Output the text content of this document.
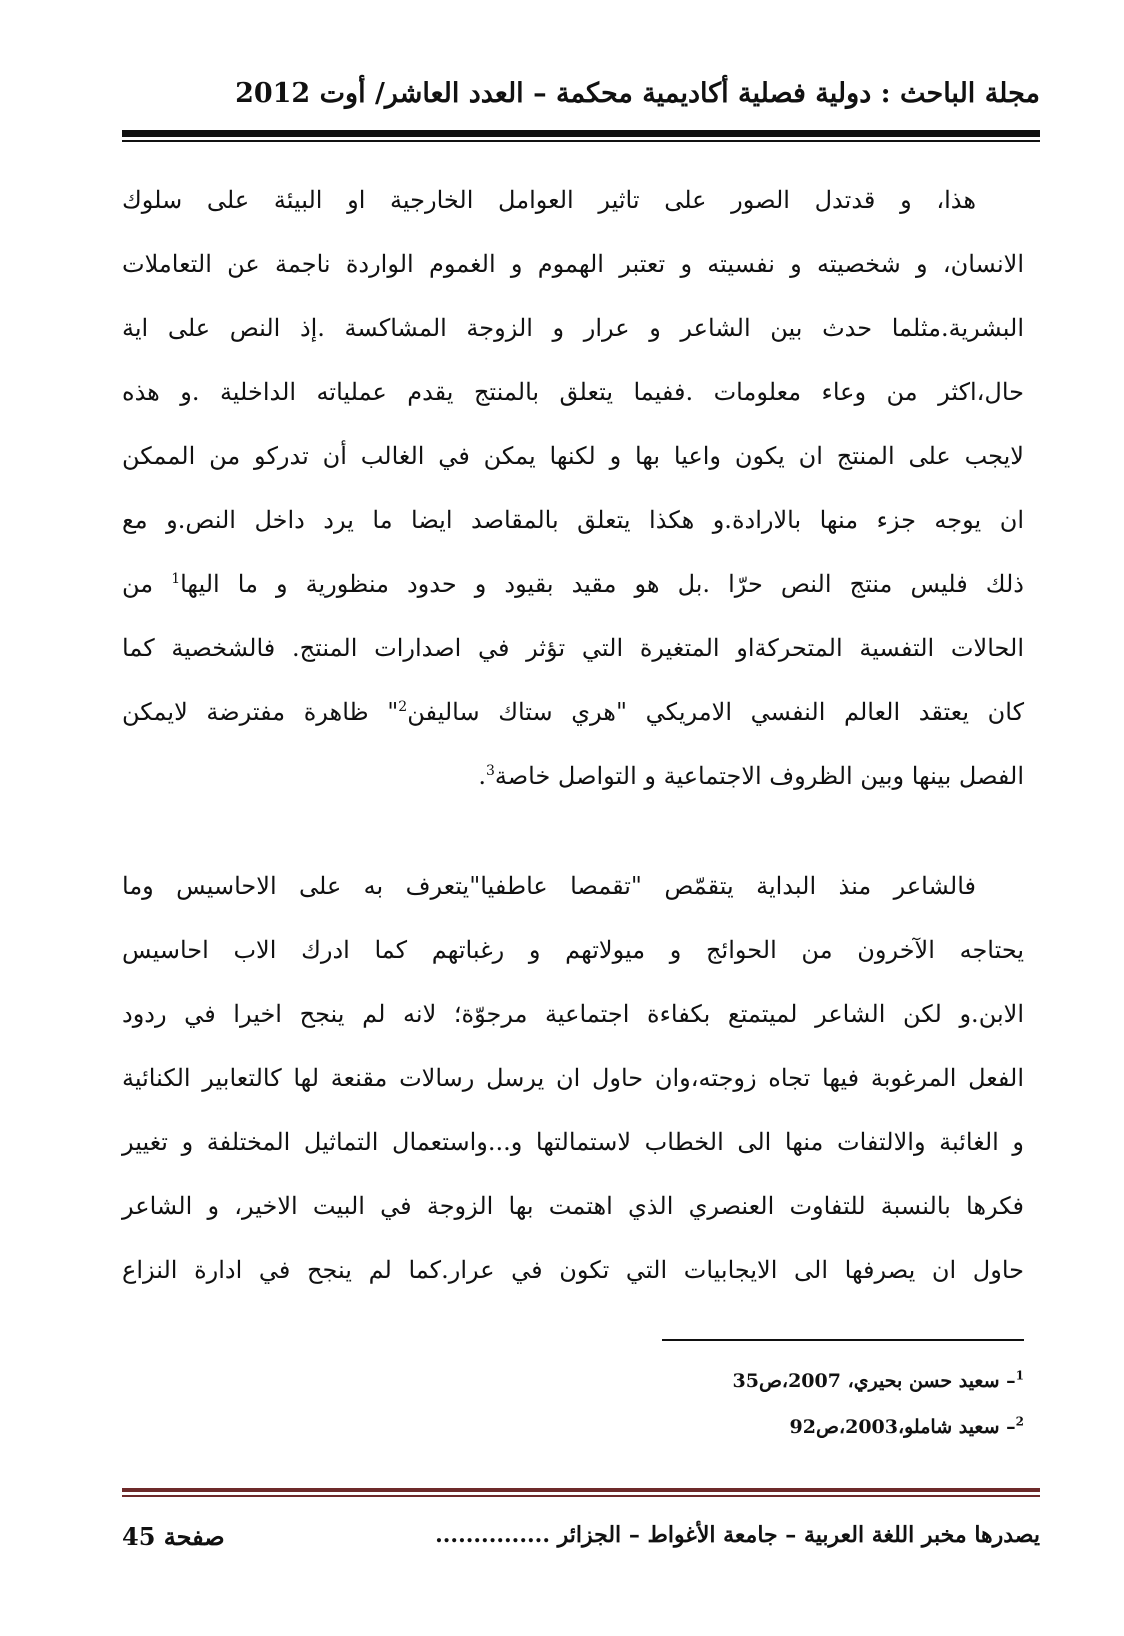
مجلة الباحث : دولية فصلية أكاديمية محكمة – العدد العاشر/ أوت 2012
هذا، و قدتدل الصور على تاثير العوامل الخارجية او البيئة على سلوك
الانسان، و شخصيته و نفسيته و تعتبر الهموم و الغموم الواردة ناجمة عن التعاملات
البشرية.مثلما حدث بين الشاعر و عرار و الزوجة المشاكسة .إذ النص على اية
حال،اكثر من وعاء معلومات .ففيما يتعلق بالمنتج يقدم عملياته الداخلية .و هذه
لايجب على المنتج ان يكون واعيا بها و لكنها يمكن في الغالب أن تدركو من الممكن
ان يوجه جزء منها بالارادة.و هكذا يتعلق بالمقاصد ايضا ما يرد داخل النص.و مع
ذلك فليس منتج النص حرّا .بل هو مقيد بقيود و حدود منظورية و ما اليها$^1$ من
الحالات التفسية المتحركةاو المتغيرة التي تؤثر في اصدارات المنتج. فالشخصية كما
كان يعتقد العالم النفسي الامريكي "هري ستاك ساليفن$^2$" ظاهرة مفترضة لايمكن
الفصل بينها وبين الظروف الاجتماعية و التواصل خاصة$^3$.
فالشاعر منذ البداية يتقمّص "تقمصا عاطفيا"يتعرف به على الاحاسيس وما
يحتاجه الآخرون من الحوائج و ميولاتهم و رغباتهم كما ادرك الاب احاسيس
الابن.و لكن الشاعر لميتمتع بكفاءة اجتماعية مرجوّة؛ لانه لم ينجح اخيرا في ردود
الفعل المرغوبة فيها تجاه زوجته،وان حاول ان يرسل رسالات مقنعة لها كالتعابير الكنائية
و الغائبة والالتفات منها الى الخطاب لاستمالتها و...واستعمال التماثيل المختلفة و تغيير
فكرها بالنسبة للتفاوت العنصري الذي اهتمت بها الزوجة في البيت الاخير، و الشاعر
حاول ان يصرفها الى الايجابيات التي تكون في عرار.كما لم ينجح في ادارة النزاع
$^1$– سعيد حسن بحيري، 2007،ص35
$^2$– سعيد شاملو،2003،ص92
يصدرها مخبر اللغة العربية – جامعة الأغواط – الجزائر ...............
صفحة 45
